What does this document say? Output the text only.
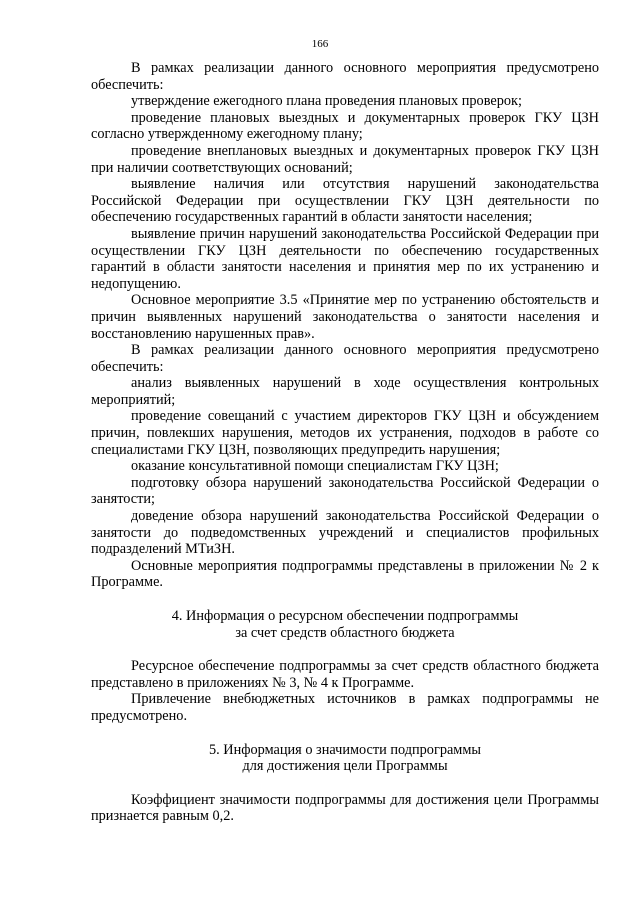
166

В рамках реализации данного основного мероприятия предусмотрено обеспечить:

утверждение ежегодного плана проведения плановых проверок;

проведение плановых выездных и документарных проверок ГКУ ЦЗН согласно утвержденному ежегодному плану;

проведение внеплановых выездных и документарных проверок ГКУ ЦЗН при наличии соответствующих оснований;

выявление наличия или отсутствия нарушений законодательства Российской Федерации при осуществлении ГКУ ЦЗН деятельности по обеспечению государственных гарантий в области занятости населения;

выявление причин нарушений законодательства Российской Федерации при осуществлении ГКУ ЦЗН деятельности по обеспечению государственных гарантий в области занятости населения и принятия мер по их устранению и недопущению.

Основное мероприятие 3.5 «Принятие мер по устранению обстоятельств и причин выявленных нарушений законодательства о занятости населения и восстановлению нарушенных прав».

В рамках реализации данного основного мероприятия предусмотрено обеспечить:

анализ выявленных нарушений в ходе осуществления контрольных мероприятий;

проведение совещаний с участием директоров ГКУ ЦЗН и обсуждением причин, повлекших нарушения, методов их устранения, подходов в работе со специалистами ГКУ ЦЗН, позволяющих предупредить нарушения;

оказание консультативной помощи специалистам ГКУ ЦЗН;

подготовку обзора нарушений законодательства Российской Федерации о занятости;

доведение обзора нарушений законодательства Российской Федерации о занятости до подведомственных учреждений и специалистов профильных подразделений МТиЗН.

Основные мероприятия подпрограммы представлены в приложении № 2 к Программе.

4. Информация о ресурсном обеспечении подпрограммы

за счет средств областного бюджета

Ресурсное обеспечение подпрограммы за счет средств областного бюджета представлено в приложениях № 3, № 4 к Программе.

Привлечение внебюджетных источников в рамках подпрограммы не предусмотрено.

5. Информация о значимости подпрограммы

для достижения цели Программы

Коэффициент значимости подпрограммы для достижения цели Программы признается равным 0,2.
